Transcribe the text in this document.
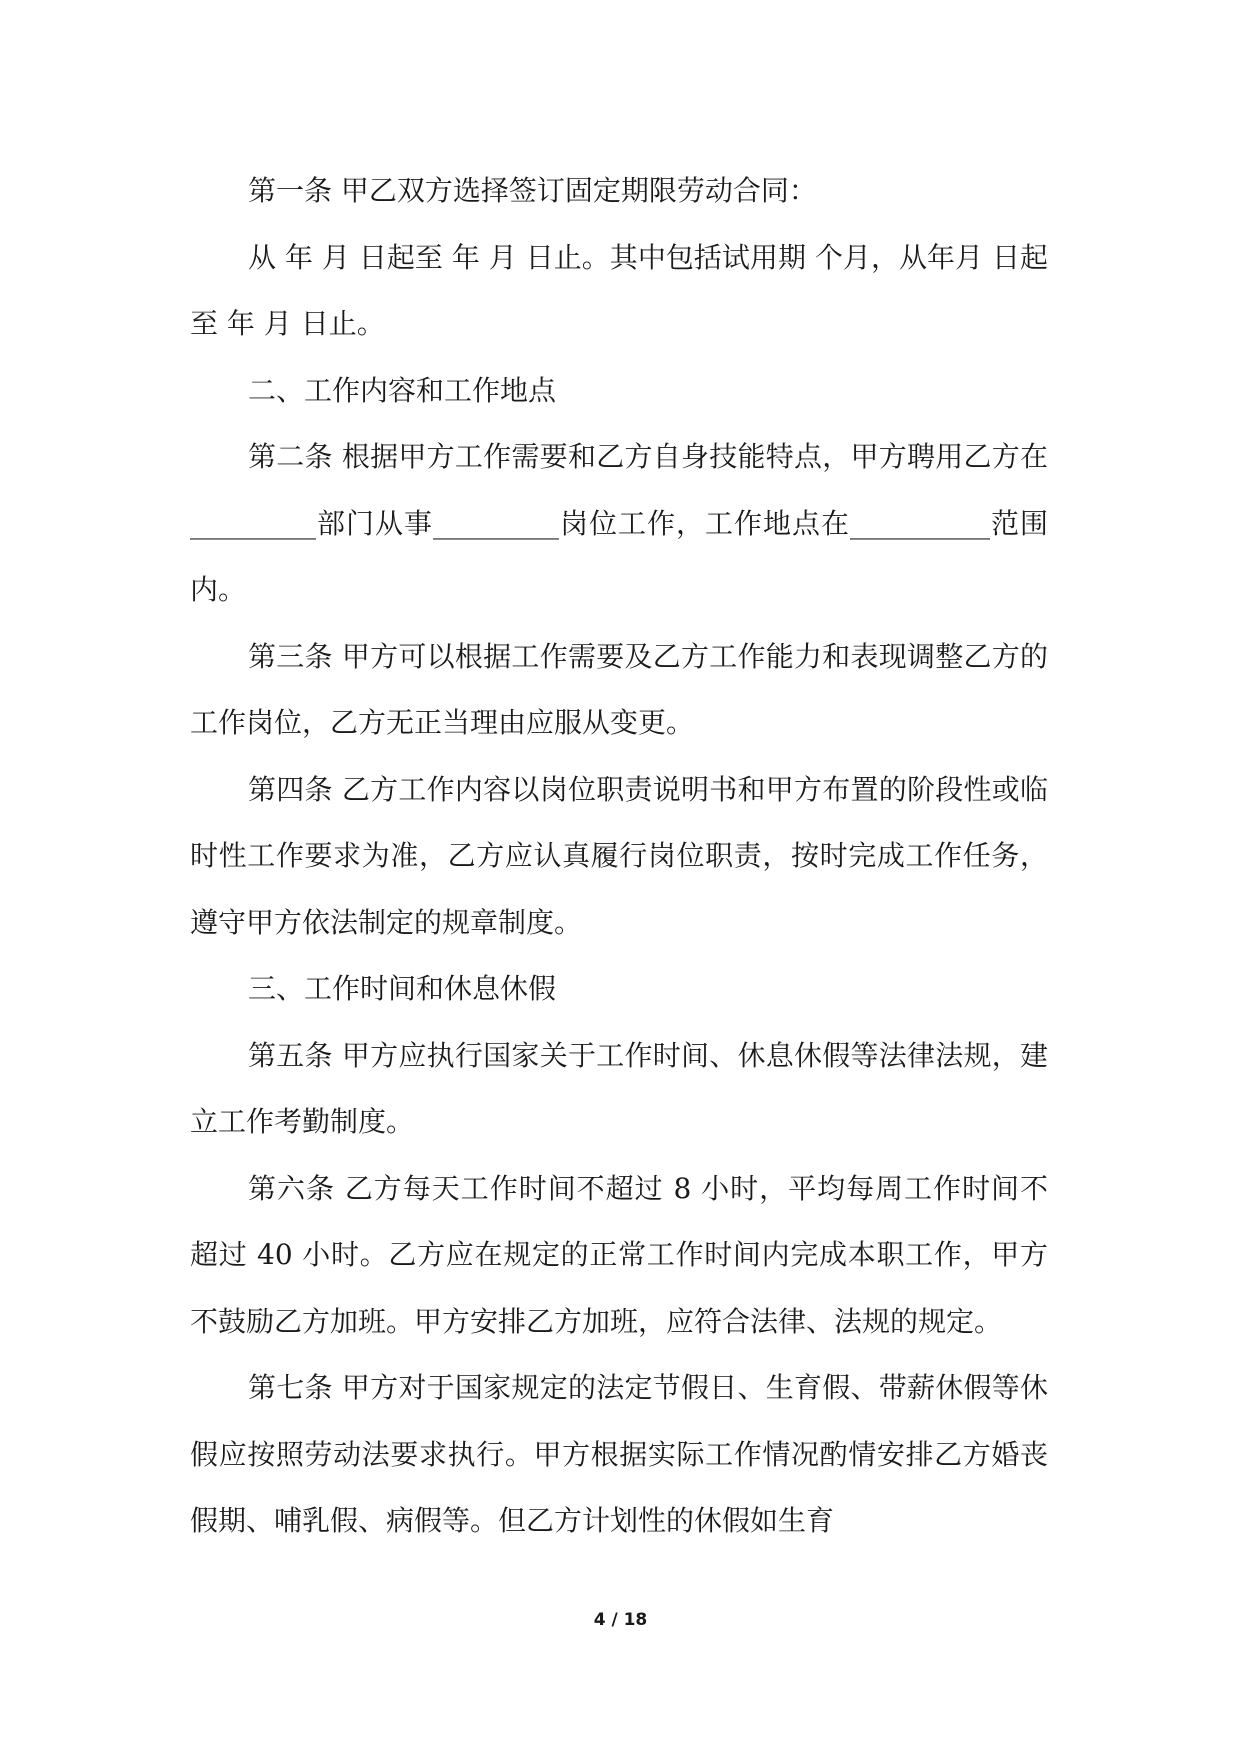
第一条 甲乙双方选择签订固定期限劳动合同：

从 年 月 日起至 年 月 日止。其中包括试用期 个月，从年月 日起至 年 月 日止。

二、工作内容和工作地点

第二条 根据甲方工作需要和乙方自身技能特点，甲方聘用乙方在_________部门从事_________岗位工作，工作地点在__________范围内。

第三条 甲方可以根据工作需要及乙方工作能力和表现调整乙方的工作岗位，乙方无正当理由应服从变更。

第四条 乙方工作内容以岗位职责说明书和甲方布置的阶段性或临时性工作要求为准，乙方应认真履行岗位职责，按时完成工作任务，遵守甲方依法制定的规章制度。

三、工作时间和休息休假

第五条 甲方应执行国家关于工作时间、休息休假等法律法规，建立工作考勤制度。

第六条 乙方每天工作时间不超过 8 小时，平均每周工作时间不超过 40 小时。乙方应在规定的正常工作时间内完成本职工作，甲方不鼓励乙方加班。甲方安排乙方加班，应符合法律、法规的规定。

第七条 甲方对于国家规定的法定节假日、生育假、带薪休假等休假应按照劳动法要求执行。甲方根据实际工作情况酌情安排乙方婚丧假期、哺乳假、病假等。但乙方计划性的休假如生育

4 / 18
